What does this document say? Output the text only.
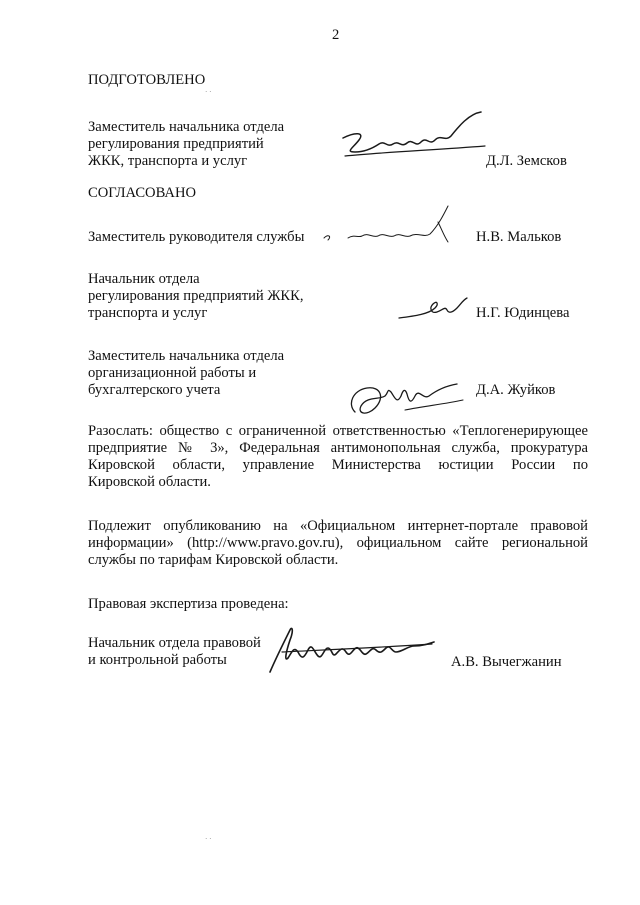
2
ПОДГОТОВЛЕНО
Заместитель начальника отдела
регулирования предприятий
ЖКК, транспорта и услуг	Д.Л. Земсков
СОГЛАСОВАНО
Заместитель руководителя службы	Н.В. Мальков
Начальник отдела
регулирования предприятий ЖКК,
транспорта и услуг	Н.Г. Юдинцева
Заместитель начальника отдела
организационной работы и
бухгалтерского учета	Д.А. Жуйков
Разослать: общество с ограниченной ответственностью «Теплогенерирующее
предприятие № 3», Федеральная антимонопольная служба, прокуратура
Кировской области, управление Министерства юстиции России по
Кировской области.
Подлежит опубликованию на «Официальном интернет-портале правовой
информации» (http://www.pravo.gov.ru), официальном сайте региональной
службы по тарифам Кировской области.
Правовая экспертиза проведена:
Начальник отдела правовой
и контрольной работы	А.В. Вычегжанин
· ·
· ·
